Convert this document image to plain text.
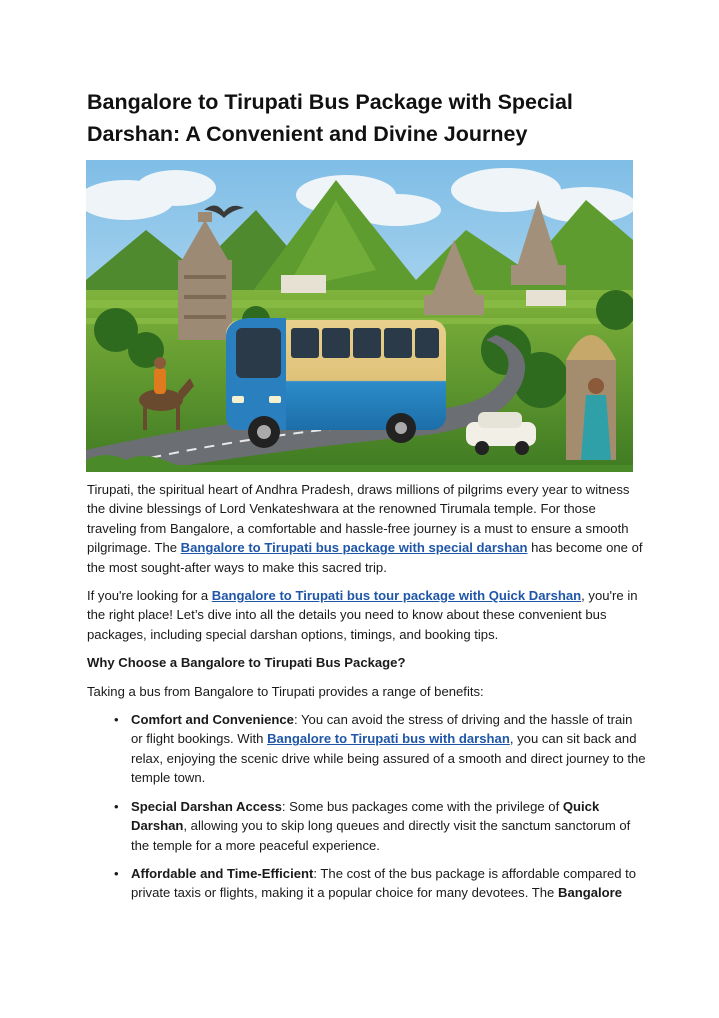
Bangalore to Tirupati Bus Package with Special Darshan: A Convenient and Divine Journey

Tirupati, the spiritual heart of Andhra Pradesh, draws millions of pilgrims every year to witness the divine blessings of Lord Venkateshwara at the renowned Tirumala temple. For those traveling from Bangalore, a comfortable and hassle-free journey is a must to ensure a smooth pilgrimage. The Bangalore to Tirupati bus package with special darshan has become one of the most sought-after ways to make this sacred trip.

If you're looking for a Bangalore to Tirupati bus tour package with Quick Darshan, you're in the right place! Let’s dive into all the details you need to know about these convenient bus packages, including special darshan options, timings, and booking tips.

Why Choose a Bangalore to Tirupati Bus Package?

Taking a bus from Bangalore to Tirupati provides a range of benefits:

• Comfort and Convenience: You can avoid the stress of driving and the hassle of train or flight bookings. With Bangalore to Tirupati bus with darshan, you can sit back and relax, enjoying the scenic drive while being assured of a smooth and direct journey to the temple town.
• Special Darshan Access: Some bus packages come with the privilege of Quick Darshan, allowing you to skip long queues and directly visit the sanctum sanctorum of the temple for a more peaceful experience.
• Affordable and Time-Efficient: The cost of the bus package is affordable compared to private taxis or flights, making it a popular choice for many devotees. The Bangalore
